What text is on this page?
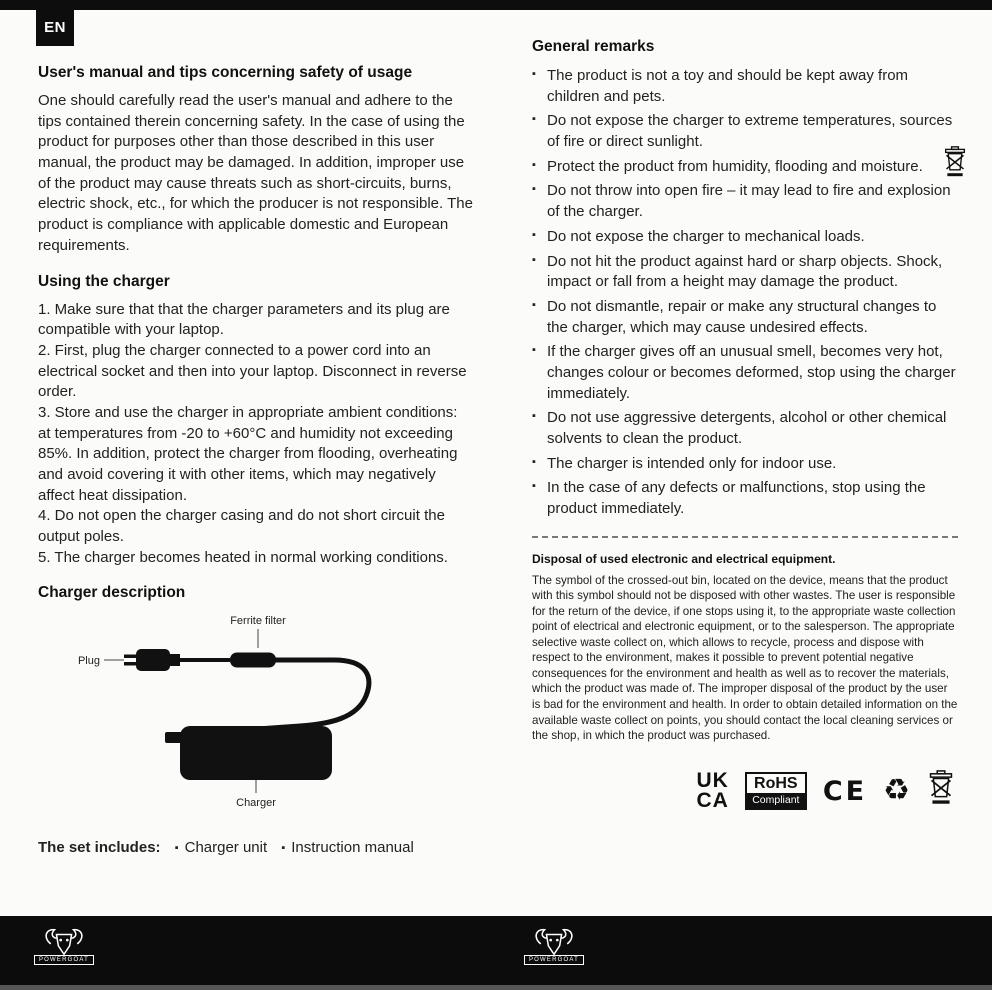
EN
User's manual and tips concerning safety of usage

One should carefully read the user's manual and adhere to the tips contained therein concerning safety. In the case of using the product for purposes other than those described in this user manual, the product may be damaged. In addition, improper use of the product may cause threats such as short-circuits, burns, electric shock, etc., for which the producer is not responsible. The product is compliance with applicable domestic and European requirements.

Using the charger

1. Make sure that that the charger parameters and its plug are compatible with your laptop.

2. First, plug the charger connected to a power cord into an electrical socket and then into your laptop. Disconnect in reverse order.

3. Store and use the charger in appropriate ambient conditions: at temperatures from -20 to +60°C and humidity not exceeding 85%. In addition, protect the charger from flooding, overheating and avoid covering it with other items, which may negatively affect heat dissipation.

4. Do not open the charger casing and do not short circuit the output poles.

5. The charger becomes heated in normal working conditions.

Charger description
Ferrite filter
Plug
Charger

The set includes: ▪ Charger unit ▪ Instruction manual

General remarks
▪ The product is not a toy and should be kept away from children and pets.
▪ Do not expose the charger to extreme temperatures, sources of fire or direct sunlight.
▪ Protect the product from humidity, flooding and moisture.
▪ Do not throw into open fire – it may lead to fire and explosion of the charger.
▪ Do not expose the charger to mechanical loads.
▪ Do not hit the product against hard or sharp objects. Shock, impact or fall from a height may damage the product.
▪ Do not dismantle, repair or make any structural changes to the charger, which may cause undesired effects.
▪ If the charger gives off an unusual smell, becomes very hot, changes colour or becomes deformed, stop using the charger immediately.
▪ Do not use aggressive detergents, alcohol or other chemical solvents to clean the product.
▪ The charger is intended only for indoor use.
▪ In the case of any defects or malfunctions, stop using the product immediately.
Disposal of used electronic and electrical equipment.

The symbol of the crossed-out bin, located on the device, means that the product with this symbol should not be disposed with other wastes. The user is responsible for the return of the device, if one stops using it, to the appropriate waste collection point of electrical and electronic equipment, or to the salesperson. The appropriate selective waste collect on, which allows to recycle, process and dispose with respect to the environment, makes it possible to prevent potential negative consequences for the environment and health as well as to recover the materials, which the product was made of. The improper disposal of the product by the user is bad for the environment and health. In order to obtain detailed information on the available waste collect on points, you should contact the local cleaning services or the shop, in which the product was purchased.

UK
CA
RoHS
Compliant CE ♻
POWERGOAT	POWERGOAT
